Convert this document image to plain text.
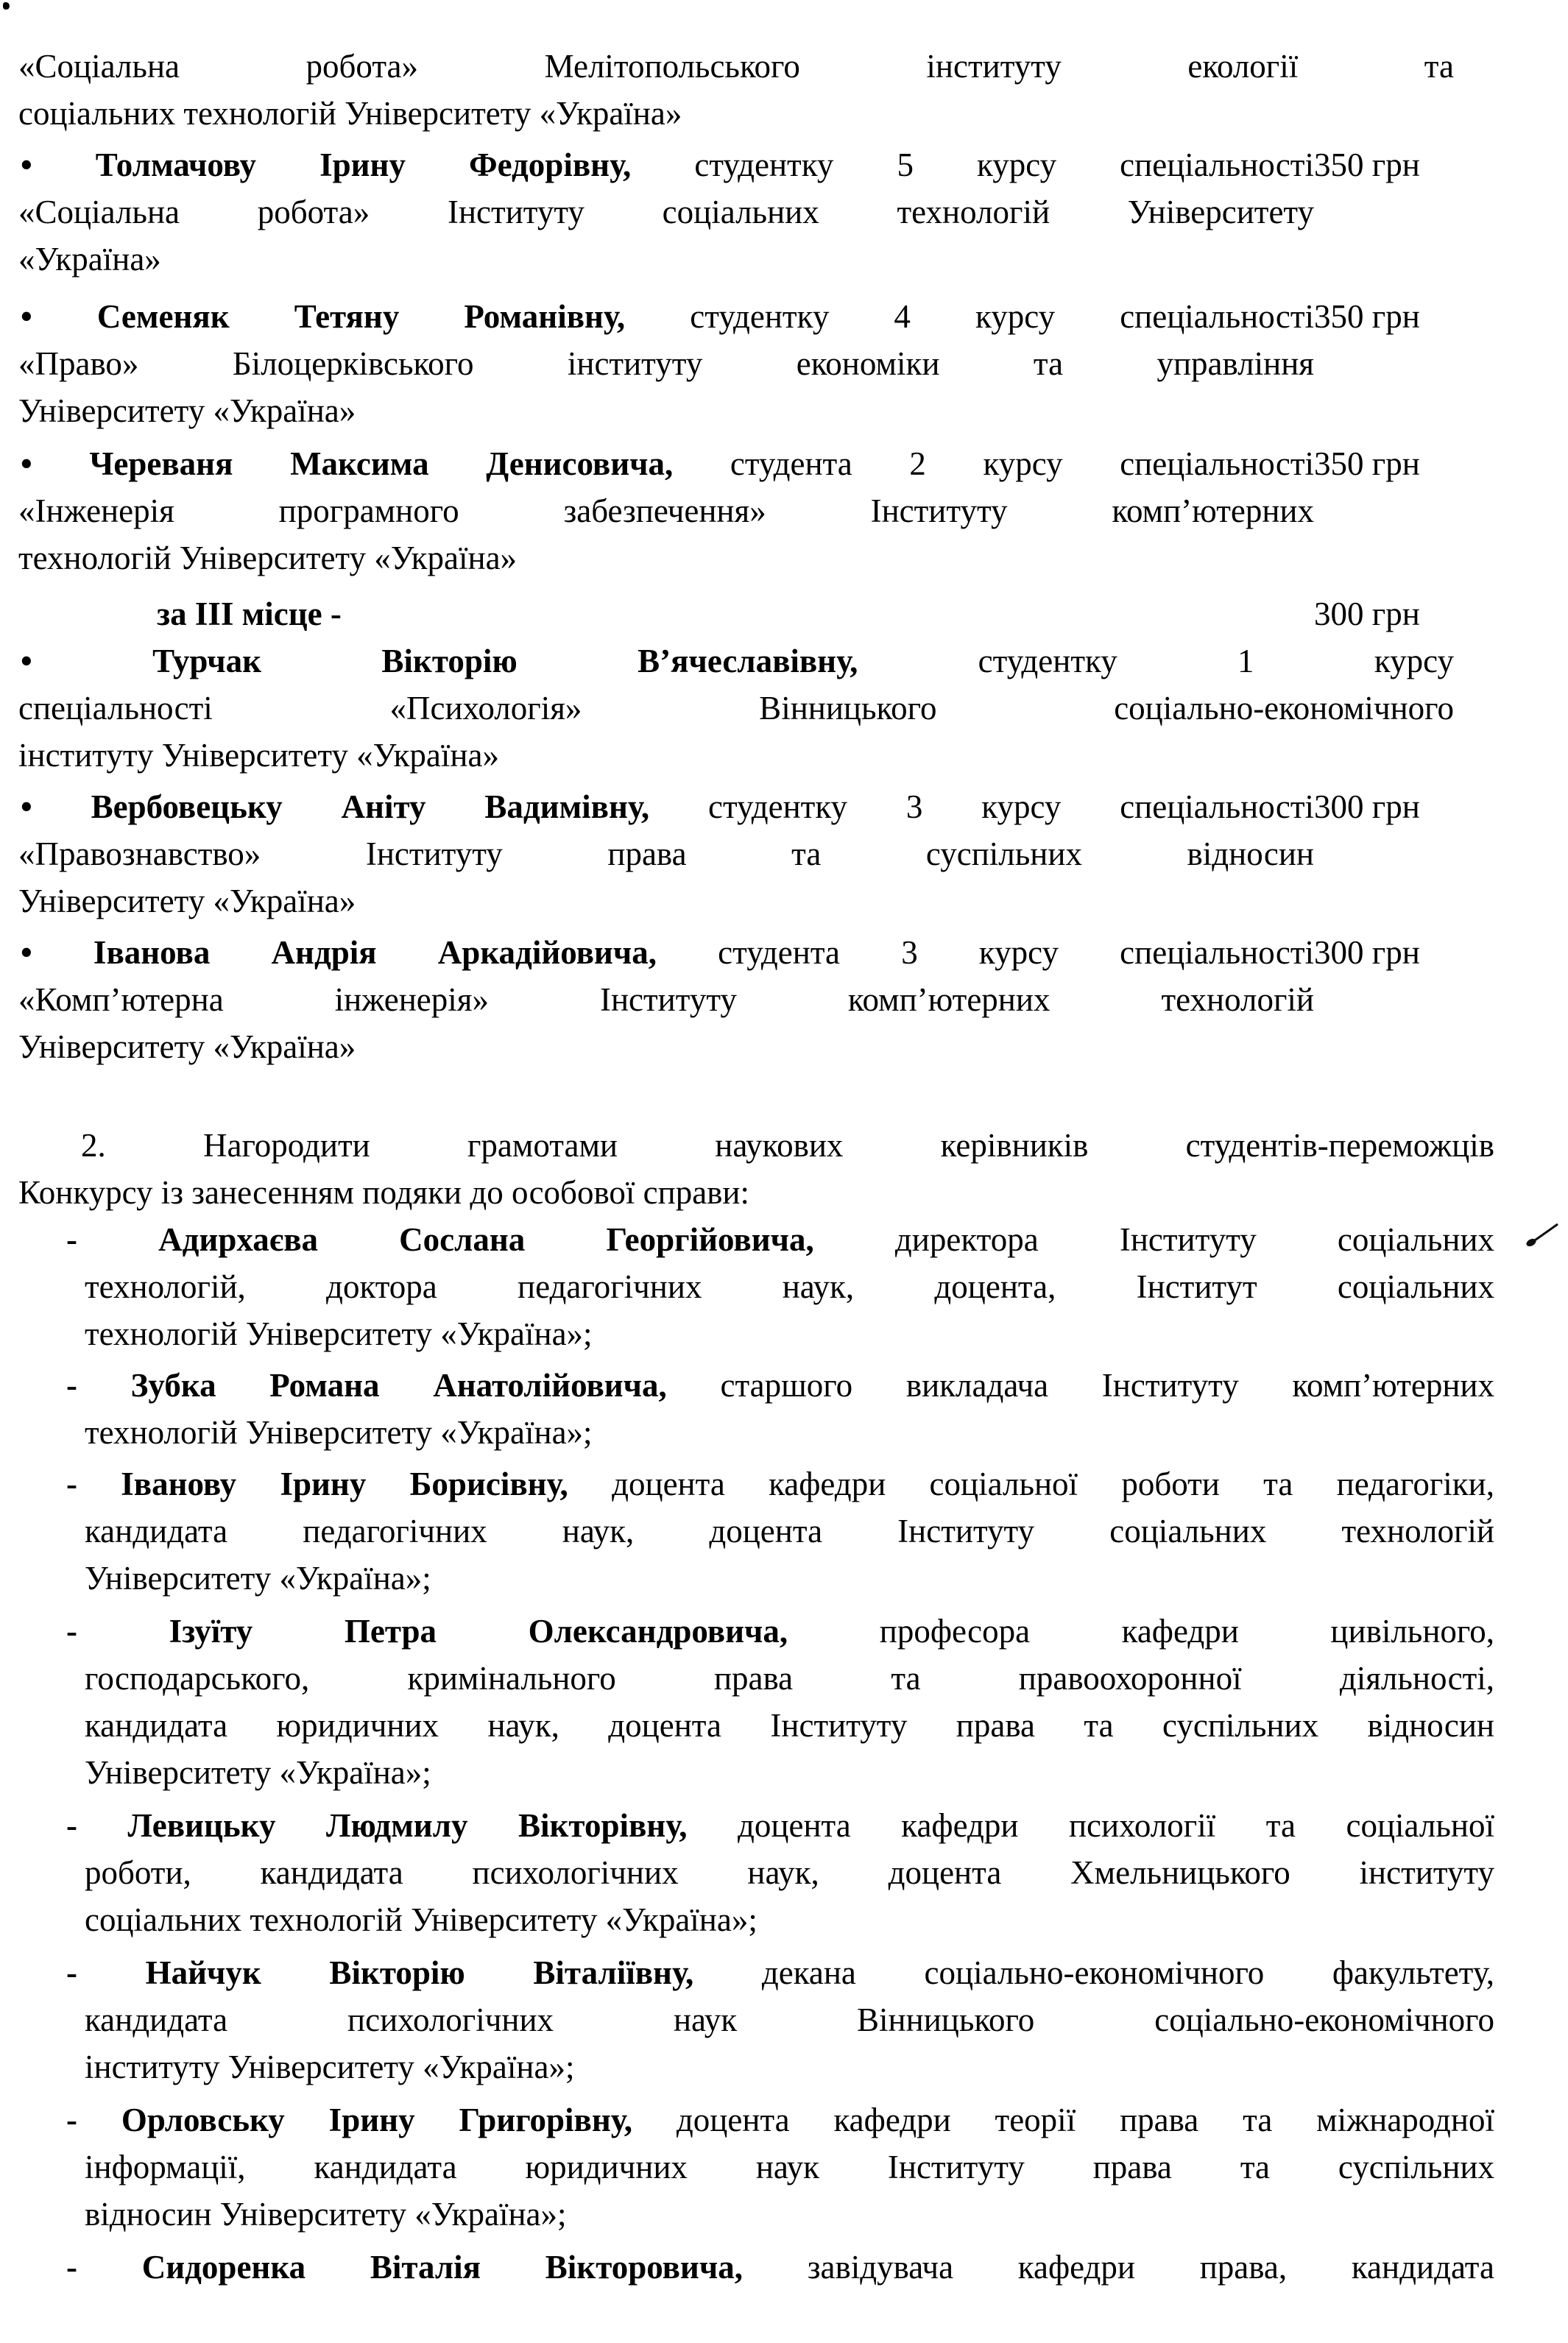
«Соціальна робота» Мелітопольського інституту екології та
соціальних технологій Університету «Україна»
• Толмачову Ірину Федорівну, студентку 5 курсу спеціальності
«Соціальна робота» Інституту соціальних технологій Університету
«Україна»
350 грн
• Семеняк Тетяну Романівну, студентку 4 курсу спеціальності
«Право» Білоцерківського інституту економіки та управління
Університету «Україна»
350 грн
• Череваня Максима Денисовича, студента 2 курсу спеціальності
«Інженерія програмного забезпечення» Інституту комп’ютерних
технологій Університету «Україна»
350 грн
за ІІІ місце -	300 грн
• Турчак Вікторію В’ячеславівну, студентку 1 курсу
спеціальності «Психологія» Вінницького соціально-економічного
інституту Університету «Україна»
• Вербовецьку Аніту Вадимівну, студентку 3 курсу спеціальності
«Правознавство» Інституту права та суспільних відносин
Університету «Україна»
300 грн
• Іванова Андрія Аркадійовича, студента 3 курсу спеціальності
«Комп’ютерна інженерія» Інституту комп’ютерних технологій
Університету «Україна»
300 грн
2. Нагородити грамотами наукових керівників студентів-переможців
Конкурсу із занесенням подяки до особової справи:
- Адирхаєва Сослана Георгійовича, директора Інституту соціальних
технологій, доктора педагогічних наук, доцента, Інститут соціальних
технологій Університету «Україна»;
- Зубка Романа Анатолійовича, старшого викладача Інституту комп’ютерних
технологій Університету «Україна»;
- Іванову Ірину Борисівну, доцента кафедри соціальної роботи та педагогіки,
кандидата педагогічних наук, доцента Інституту соціальних технологій
Університету «Україна»;
- Ізуїту Петра Олександровича, професора кафедри цивільного,
господарського, кримінального права та правоохоронної діяльності,
кандидата юридичних наук, доцента Інституту права та суспільних відносин
Університету «Україна»;
- Левицьку Людмилу Вікторівну, доцента кафедри психології та соціальної
роботи, кандидата психологічних наук, доцента Хмельницького інституту
соціальних технологій Університету «Україна»;
- Найчук Вікторію Віталіївну, декана соціально-економічного факультету,
кандидата психологічних наук Вінницького соціально-економічного
інституту Університету «Україна»;
- Орловську Ірину Григорівну, доцента кафедри теорії права та міжнародної
інформації, кандидата юридичних наук Інституту права та суспільних
відносин Університету «Україна»;
- Сидоренка Віталія Вікторовича, завідувача кафедри права, кандидата
